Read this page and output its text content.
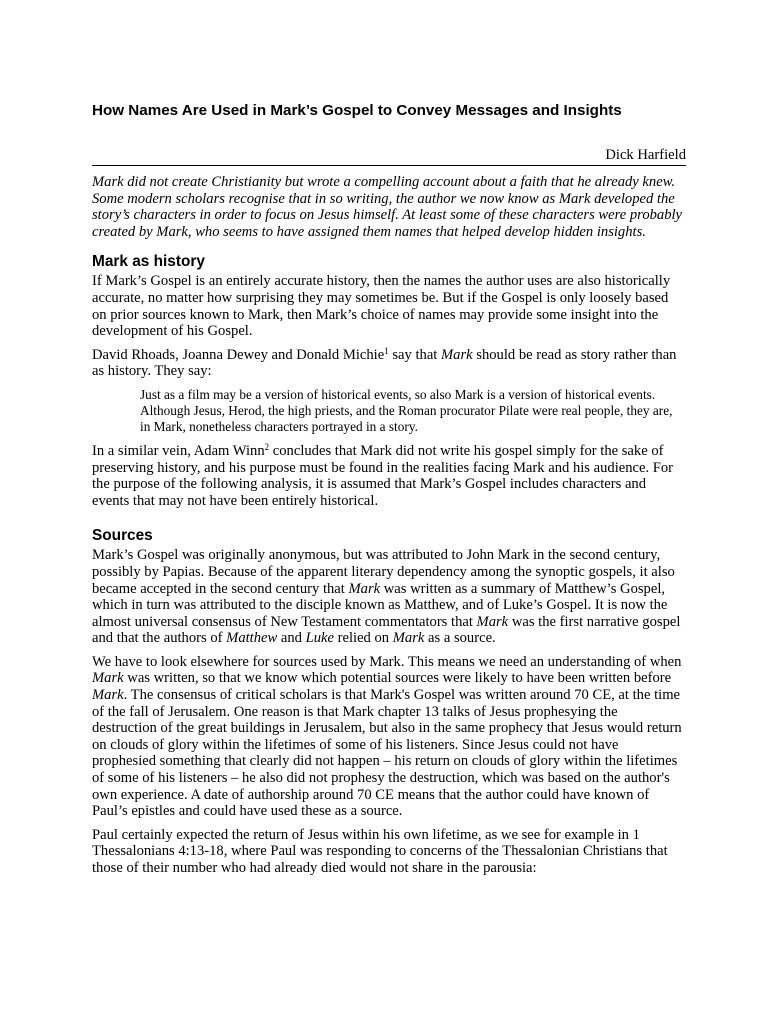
How Names Are Used in Mark’s Gospel to Convey Messages and Insights
Dick Harfield

Mark did not create Christianity but wrote a compelling account about a faith that he already knew. Some modern scholars recognise that in so writing, the author we now know as Mark developed the story’s characters in order to focus on Jesus himself. At least some of these characters were probably created by Mark, who seems to have assigned them names that helped develop hidden insights.

Mark as history

If Mark’s Gospel is an entirely accurate history, then the names the author uses are also historically accurate, no matter how surprising they may sometimes be. But if the Gospel is only loosely based on prior sources known to Mark, then Mark’s choice of names may provide some insight into the development of his Gospel.

David Rhoads, Joanna Dewey and Donald Michie$^1$ say that Mark should be read as story rather than as history. They say:

Just as a film may be a version of historical events, so also Mark is a version of historical events. Although Jesus, Herod, the high priests, and the Roman procurator Pilate were real people, they are, in Mark, nonetheless characters portrayed in a story.

In a similar vein, Adam Winn$^2$ concludes that Mark did not write his gospel simply for the sake of preserving history, and his purpose must be found in the realities facing Mark and his audience. For the purpose of the following analysis, it is assumed that Mark’s Gospel includes characters and events that may not have been entirely historical.

Sources

Mark’s Gospel was originally anonymous, but was attributed to John Mark in the second century, possibly by Papias. Because of the apparent literary dependency among the synoptic gospels, it also became accepted in the second century that Mark was written as a summary of Matthew’s Gospel, which in turn was attributed to the disciple known as Matthew, and of Luke’s Gospel. It is now the almost universal consensus of New Testament commentators that Mark was the first narrative gospel and that the authors of Matthew and Luke relied on Mark as a source.

We have to look elsewhere for sources used by Mark. This means we need an understanding of when Mark was written, so that we know which potential sources were likely to have been written before Mark. The consensus of critical scholars is that Mark's Gospel was written around 70 CE, at the time of the fall of Jerusalem. One reason is that Mark chapter 13 talks of Jesus prophesying the destruction of the great buildings in Jerusalem, but also in the same prophecy that Jesus would return on clouds of glory within the lifetimes of some of his listeners. Since Jesus could not have prophesied something that clearly did not happen – his return on clouds of glory within the lifetimes of some of his listeners – he also did not prophesy the destruction, which was based on the author's own experience. A date of authorship around 70 CE means that the author could have known of Paul’s epistles and could have used these as a source.

Paul certainly expected the return of Jesus within his own lifetime, as we see for example in 1 Thessalonians 4:13-18, where Paul was responding to concerns of the Thessalonian Christians that those of their number who had already died would not share in the parousia:
